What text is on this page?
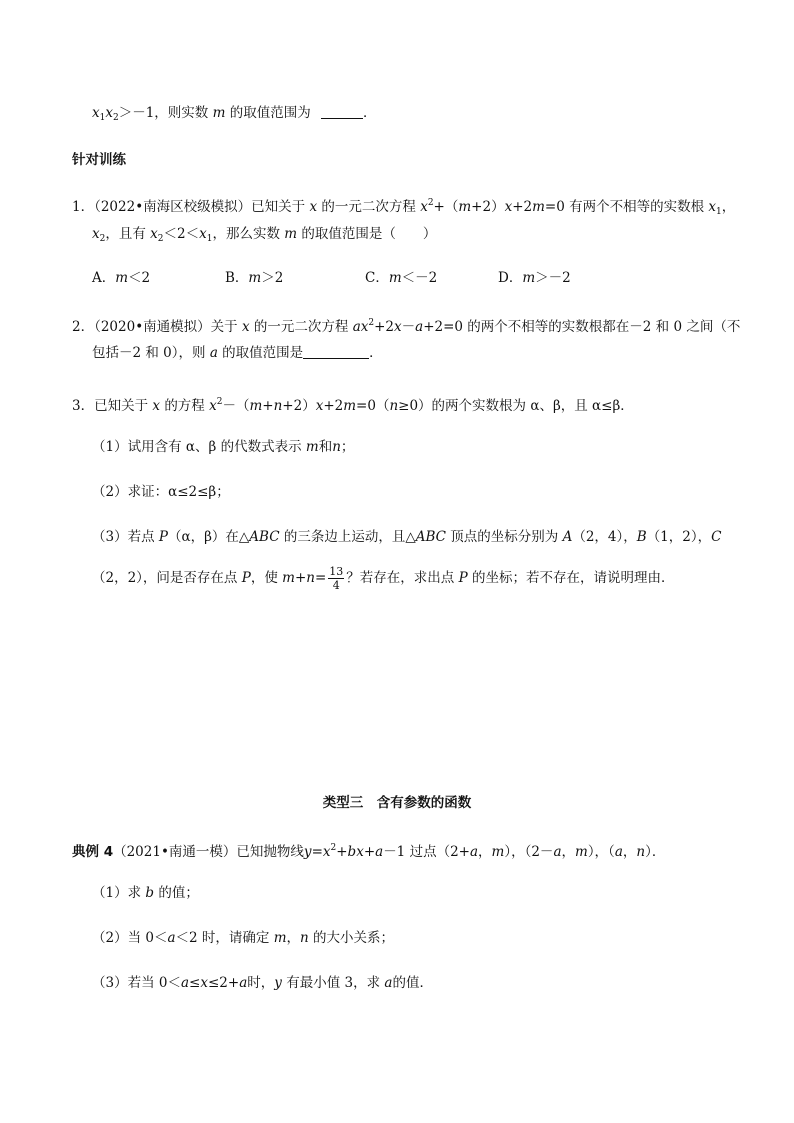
$x_1x_2>-1$，则实数 m 的取值范围为	．
针对训练
1．（2022•南海区校级模拟）已知关于 x 的一元二次方程 $x^2+(m+2)x+2m=0$ 有两个不相等的实数根 $x_1$，
$x_2$，且有 $x_2<2<x_1$，那么实数 m 的取值范围是（　　）
A．m＜2	B．m＞2	C．m＜－2	D．m＞－2
2．（2020•南通模拟）关于 x 的一元二次方程 $ax^2+2x-a+2=0$ 的两个不相等的实数根都在－2 和 0 之间（不
包括－2 和 0），则 a 的取值范围是	．
3．已知关于 x 的方程 $x^2-(m+n+2)x+2m=0(n\ge 0)$的两个实数根为 α、β，且 α≤β．
（1）试用含有 α、β 的代数式表示 m和n；
（2）求证：α≤2≤β；
（3）若点 P（α，β）在△ABC 的三条边上运动，且△ABC 顶点的坐标分别为 A（2，4），B（1，2），C
（2，2），问是否存在点 P，使 $m+n= \frac{13}{4}$ ？若存在，求出点 P 的坐标；若不存在，请说明理由．
类型三　含有参数的函数
典例 4（2021•南通一模）已知抛物线$y=x^2+bx+a-1$ 过点（2+a，m），（2－a，m），（a，n）．
（1）求 b 的值；
（2）当 0＜a＜2 时，请确定 m，n 的大小关系；
（3）若当 0＜a≤x≤2+a时，y 有最小值 3，求 a的值．
